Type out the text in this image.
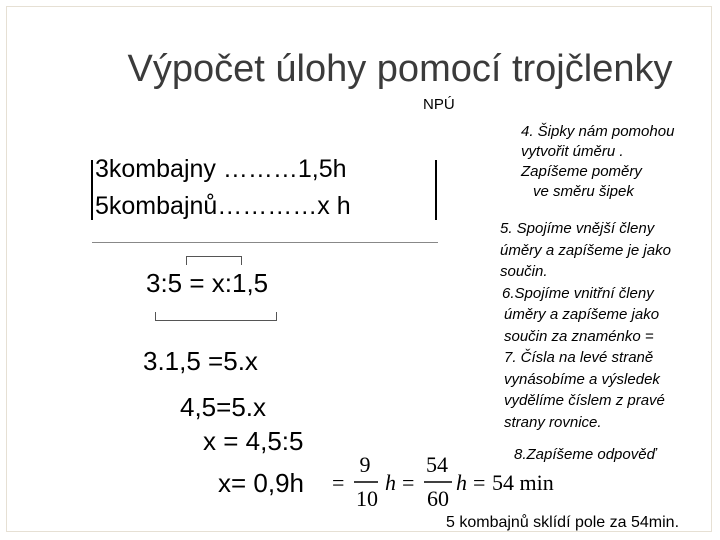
Výpočet úlohy pomocí trojčlenky
NPÚ
3kombajny ………1,5h
5kombajnů…………x h
3:5 = x:1,5
3.1,5 =5.x
4,5=5.x
x = 4,5:5
x= 0,9h =
9
10
h =
54
60
h = 54 min
4. Šipky nám pomohou
vytvořit úměru .
Zapíšeme poměry
ve směru šipek
5. Spojíme vnější členy
úměry a zapíšeme je jako
součin.
6.Spojíme vnitřní členy
úměry a zapíšeme jako
součin za znaménko =
7. Čísla na levé straně
vynásobíme a výsledek
vydělíme číslem z pravé
strany rovnice.
8.Zapíšeme odpověď
5 kombajnů sklídí pole za 54min.
